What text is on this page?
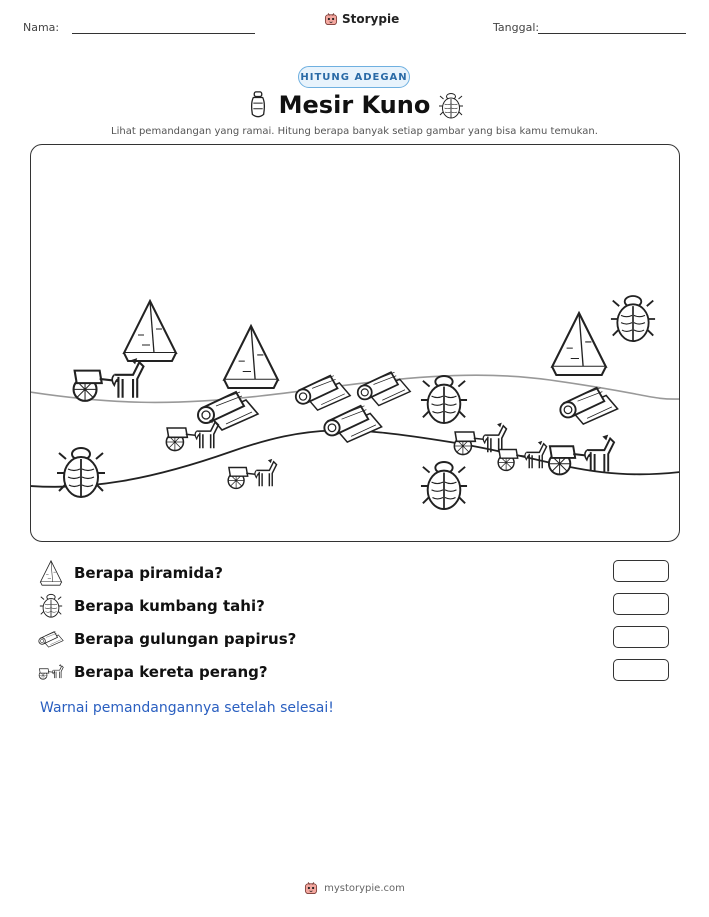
Nama:
Storypie
Tanggal:
HITUNG ADEGAN
Mesir Kuno
Lihat pemandangan yang ramai. Hitung berapa banyak setiap gambar yang bisa kamu temukan.
Berapa piramida?
Berapa kumbang tahi?
Berapa gulungan papirus?
Berapa kereta perang?
Warnai pemandangannya setelah selesai!
mystorypie.com
